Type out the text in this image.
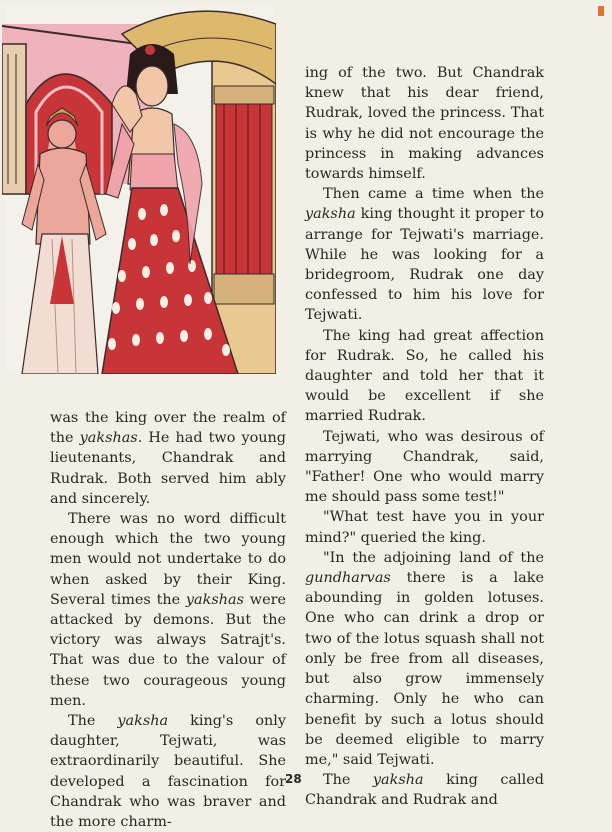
ing of the two. But Chandrak knew that his dear friend, Rudrak, loved the princess. That is why he did not encourage the princess in making advances towards himself.

Then came a time when the yaksha king thought it proper to arrange for Tejwati's marriage. While he was looking for a bridegroom, Rudrak one day confessed to him his love for Tejwati.

The king had great affection for Rudrak. So, he called his daughter and told her that it would be excellent if she married Rudrak.

Tejwati, who was desirous of marrying Chandrak, said, "Father! One who would marry me should pass some test!"

"What test have you in your mind?" queried the king.

"In the adjoining land of the gundharvas there is a lake abounding in golden lotuses. One who can drink a drop or two of the lotus squash shall not only be free from all diseases, but also grow immensely charming. Only he who can benefit by such a lotus should be deemed eligible to marry me," said Tejwati.

The yaksha king called Chandrak and Rudrak and

was the king over the realm of the yakshas. He had two young lieutenants, Chandrak and Rudrak. Both served him ably and sincerely.

There was no word difficult enough which the two young men would not undertake to do when asked by their King. Several times the yakshas were attacked by demons. But the victory was always Satrajt's. That was due to the valour of these two courageous young men.

The yaksha king's only daughter, Tejwati, was extraordinarily beautiful. She developed a fascination for Chandrak who was braver and the more charm-

28
